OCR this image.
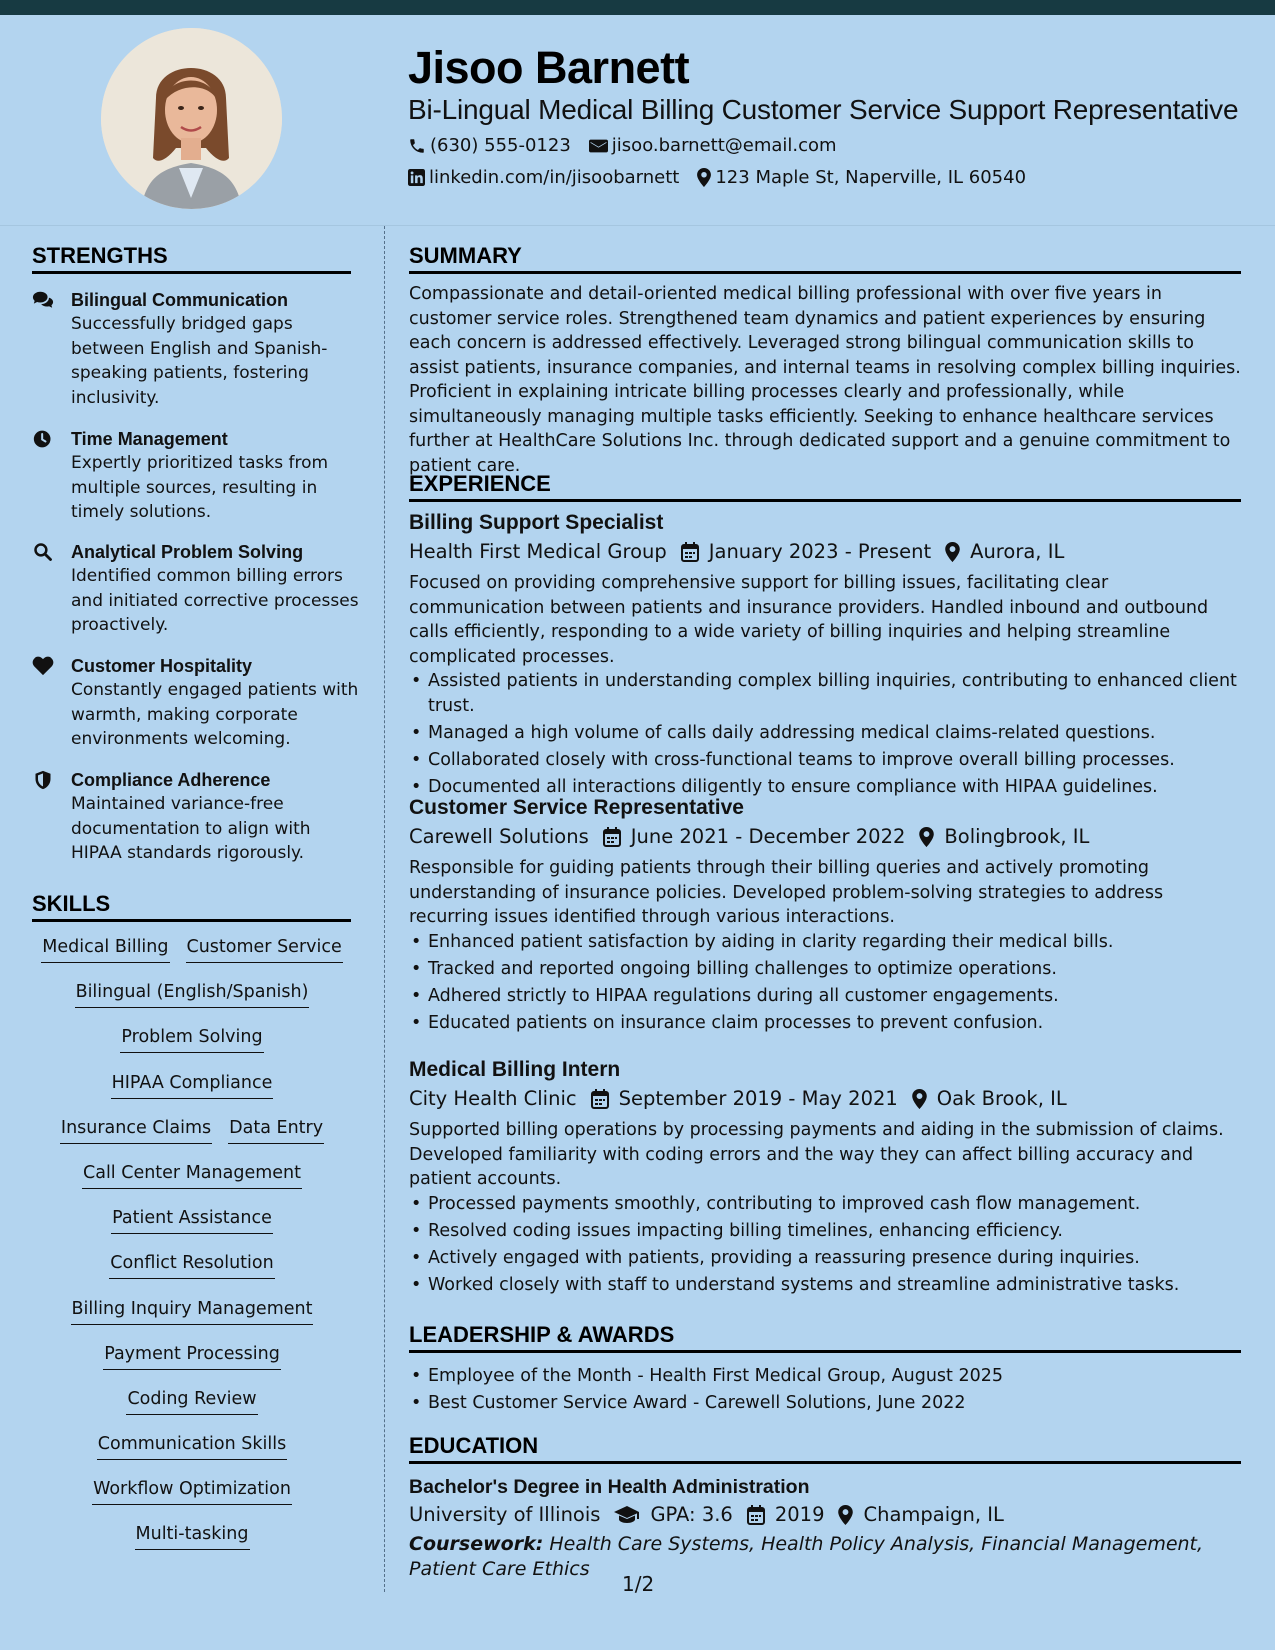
Jisoo Barnett
Bi-Lingual Medical Billing Customer Service Support Representative
(630) 555-0123 jisoo.barnett@email.com
linkedin.com/in/jisoobarnett 123 Maple St, Naperville, IL 60540
STRENGTHS
Bilingual Communication
Successfully bridged gaps between English and Spanish-speaking patients, fostering inclusivity.
Time Management
Expertly prioritized tasks from multiple sources, resulting in timely solutions.
Analytical Problem Solving
Identified common billing errors and initiated corrective processes proactively.
Customer Hospitality
Constantly engaged patients with warmth, making corporate environments welcoming.
Compliance Adherence
Maintained variance-free documentation to align with HIPAA standards rigorously.
SKILLS
Medical Billing Customer Service
Bilingual (English/Spanish)
Problem Solving
HIPAA Compliance
Insurance Claims Data Entry
Call Center Management
Patient Assistance
Conflict Resolution
Billing Inquiry Management
Payment Processing
Coding Review
Communication Skills
Workflow Optimization
Multi-tasking
SUMMARY
Compassionate and detail-oriented medical billing professional with over five years in customer service roles. Strengthened team dynamics and patient experiences by ensuring each concern is addressed effectively. Leveraged strong bilingual communication skills to assist patients, insurance companies, and internal teams in resolving complex billing inquiries. Proficient in explaining intricate billing processes clearly and professionally, while simultaneously managing multiple tasks efficiently. Seeking to enhance healthcare services further at HealthCare Solutions Inc. through dedicated support and a genuine commitment to patient care.
EXPERIENCE
Billing Support Specialist
Health First Medical Group January 2023 - Present Aurora, IL
Focused on providing comprehensive support for billing issues, facilitating clear communication between patients and insurance providers. Handled inbound and outbound calls efficiently, responding to a wide variety of billing inquiries and helping streamline complicated processes.
• Assisted patients in understanding complex billing inquiries, contributing to enhanced client trust.
• Managed a high volume of calls daily addressing medical claims-related questions.
• Collaborated closely with cross-functional teams to improve overall billing processes.
• Documented all interactions diligently to ensure compliance with HIPAA guidelines.
Customer Service Representative
Carewell Solutions June 2021 - December 2022 Bolingbrook, IL
Responsible for guiding patients through their billing queries and actively promoting understanding of insurance policies. Developed problem-solving strategies to address recurring issues identified through various interactions.
• Enhanced patient satisfaction by aiding in clarity regarding their medical bills.
• Tracked and reported ongoing billing challenges to optimize operations.
• Adhered strictly to HIPAA regulations during all customer engagements.
• Educated patients on insurance claim processes to prevent confusion.
Medical Billing Intern
City Health Clinic September 2019 - May 2021 Oak Brook, IL
Supported billing operations by processing payments and aiding in the submission of claims. Developed familiarity with coding errors and the way they can affect billing accuracy and patient accounts.
• Processed payments smoothly, contributing to improved cash flow management.
• Resolved coding issues impacting billing timelines, enhancing efficiency.
• Actively engaged with patients, providing a reassuring presence during inquiries.
• Worked closely with staff to understand systems and streamline administrative tasks.
LEADERSHIP & AWARDS
• Employee of the Month - Health First Medical Group, August 2025
• Best Customer Service Award - Carewell Solutions, June 2022
EDUCATION
Bachelor's Degree in Health Administration
University of Illinois	GPA: 3.6 2019 Champaign, IL
Coursework: Health Care Systems, Health Policy Analysis, Financial Management, Patient Care Ethics
1/2
